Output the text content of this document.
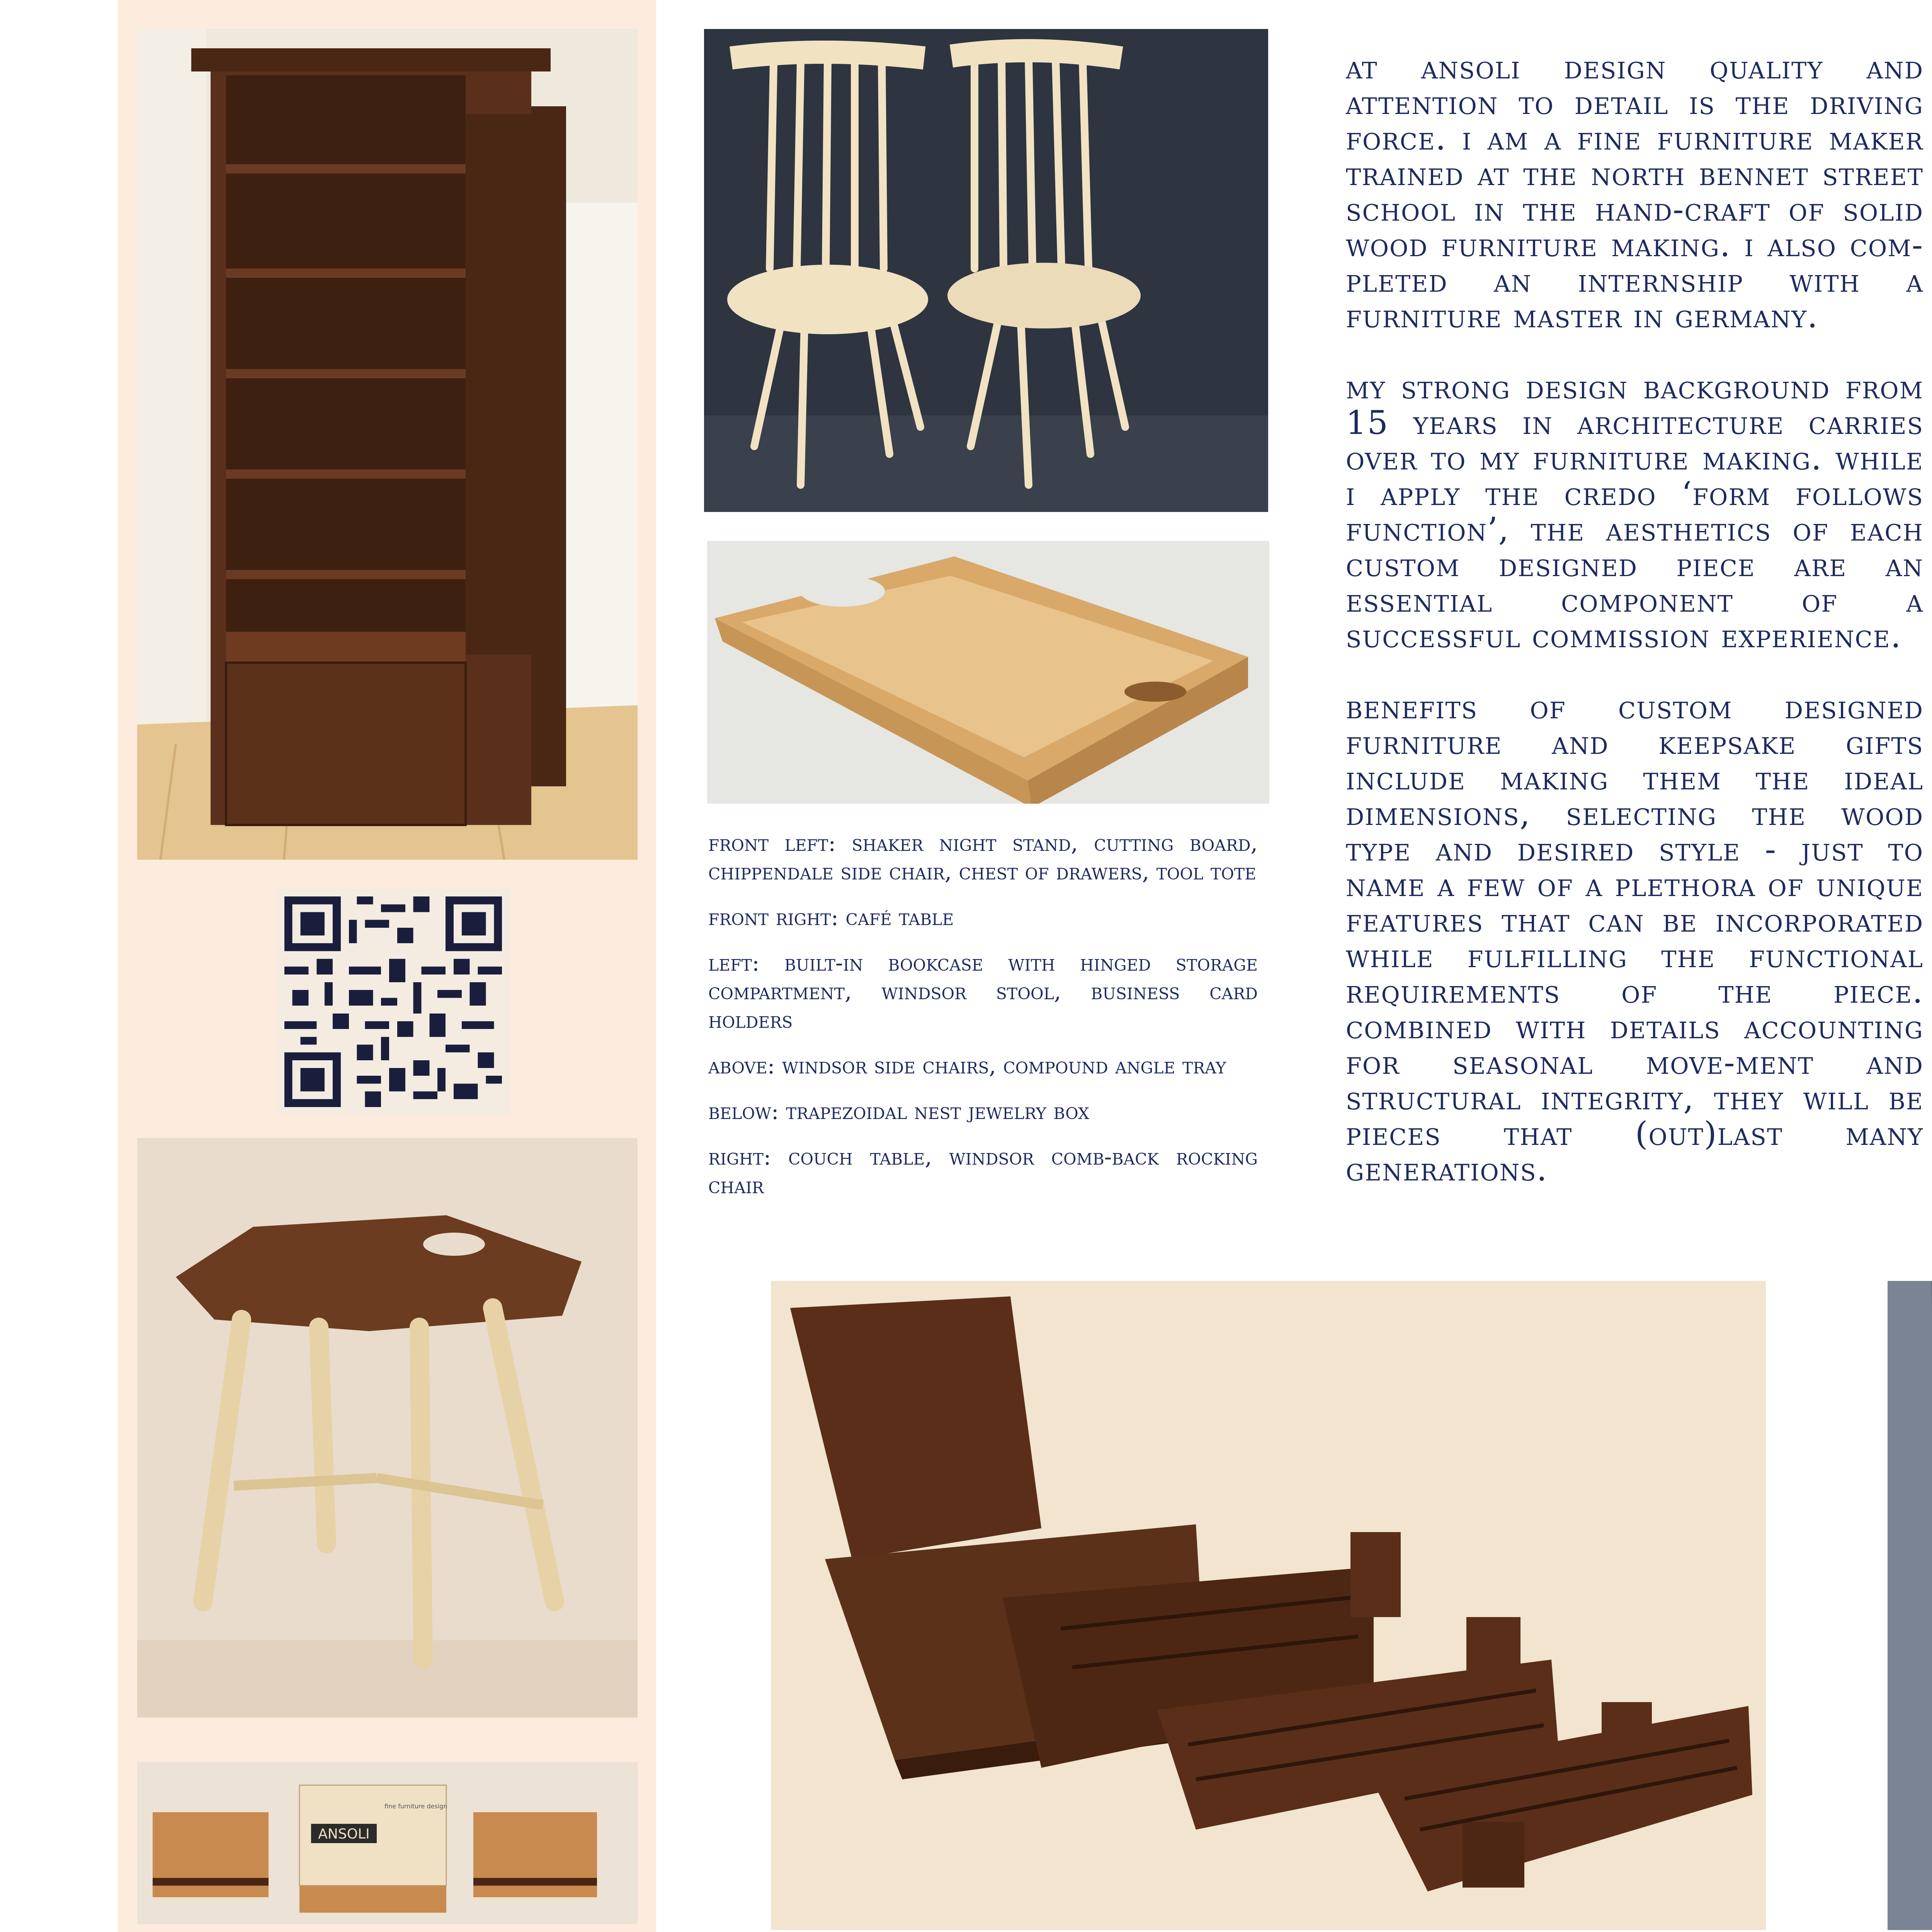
ANSOLI
fine furniture design

at ansoli design quality and attention to detail is the driving force. i am a fine furniture maker trained at the north bennet street school in the hand-craft of solid wood furniture making. i also com-pleted an internship with a furniture master in germany.

my strong design background from 15 years in architecture carries over to my furniture making. while i apply the credo ‘form follows function’, the aesthetics of each custom designed piece are an essential component of a successful commission experience.

benefits of custom designed furniture and keepsake gifts include making them the ideal dimensions, selecting the wood type and desired style - just to name a few of a plethora of unique features that can be incorporated while fulfilling the functional requirements of the piece. combined with details accounting for seasonal move-ment and structural integrity, they will be pieces that (out)last many generations.

front left: shaker night stand, cutting board, chippendale side chair, chest of drawers, tool tote

front right: café table

left: built-in bookcase with hinged storage compartment, windsor stool, business card holders

above: windsor side chairs, compound angle tray

below: trapezoidal nest jewelry box

right: couch table, windsor comb-back rocking chair
